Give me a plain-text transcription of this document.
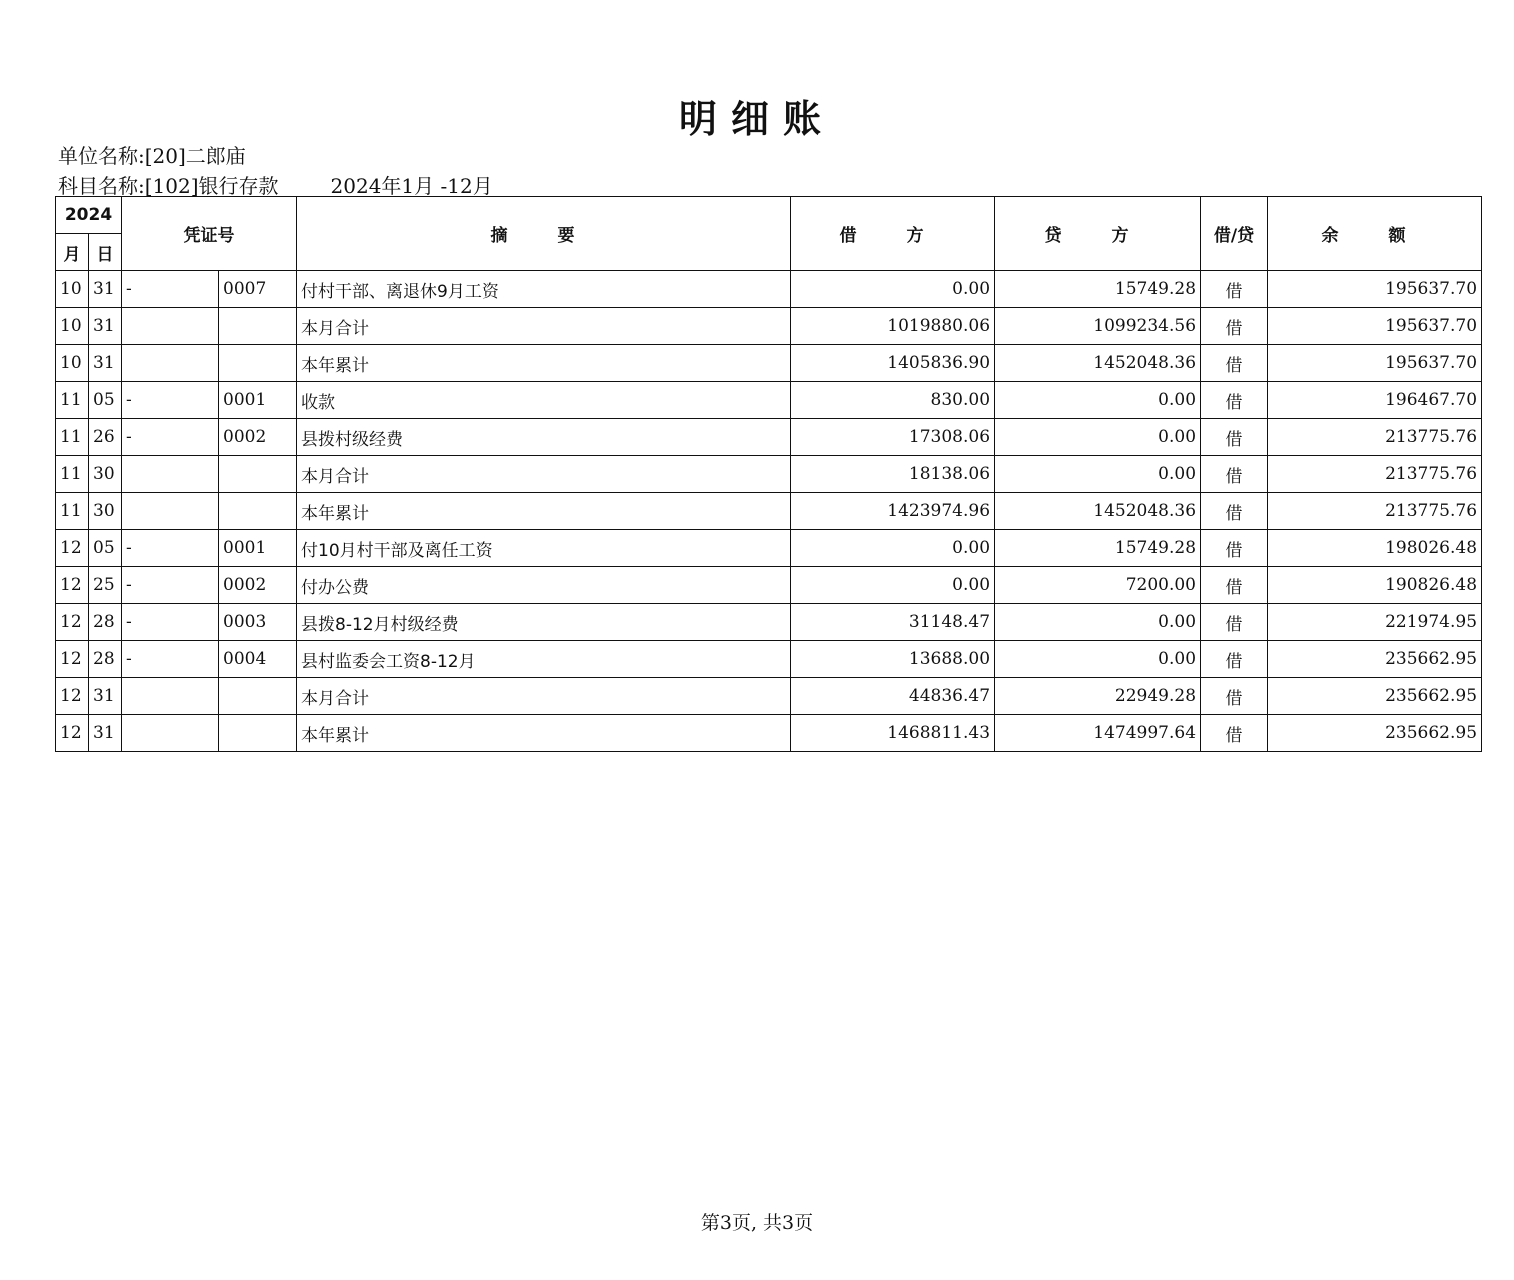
明细账
单位名称:[20]二郎庙
科目名称:[102]银行存款	2024年1月 -12月
2024		凭证号		摘 要	借 方	贷 方	借/贷	余 额
月	日							
10	31	-	0007	付村干部、离退休9月工资	0.00	15749.28	借	195637.70
10	31			本月合计	1019880.06	1099234.56	借	195637.70
10	31			本年累计	1405836.90	1452048.36	借	195637.70
11	05	-	0001	收款	830.00	0.00	借	196467.70
11	26	-	0002	县拨村级经费	17308.06	0.00	借	213775.76
11	30			本月合计	18138.06	0.00	借	213775.76
11	30			本年累计	1423974.96	1452048.36	借	213775.76
12	05	-	0001	付10月村干部及离任工资	0.00	15749.28	借	198026.48
12	25	-	0002	付办公费	0.00	7200.00	借	190826.48
12	28	-	0003	县拨8-12月村级经费	31148.47	0.00	借	221974.95
12	28	-	0004	县村监委会工资8-12月	13688.00	0.00	借	235662.95
12	31			本月合计	44836.47	22949.28	借	235662.95
12	31			本年累计	1468811.43	1474997.64	借	235662.95
第3页, 共3页
